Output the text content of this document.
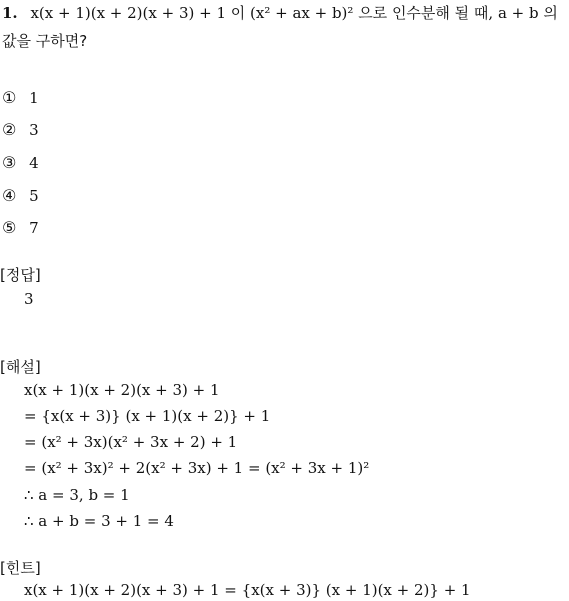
1. x(x + 1)(x + 2)(x + 3) + 1 이 (x² + ax + b)² 으로 인수분해 될 때, a + b 의
값을 구하면?
① 1
② 3
③ 4
④ 5
⑤ 7
[정답]
3
[해설]
x(x + 1)(x + 2)(x + 3) + 1
= {x(x + 3)} (x + 1)(x + 2)} + 1
= (x² + 3x)(x² + 3x + 2) + 1
= (x² + 3x)² + 2(x² + 3x) + 1 = (x² + 3x + 1)²
∴ a = 3, b = 1
∴ a + b = 3 + 1 = 4
[힌트]
x(x + 1)(x + 2)(x + 3) + 1 = {x(x + 3)} (x + 1)(x + 2)} + 1
